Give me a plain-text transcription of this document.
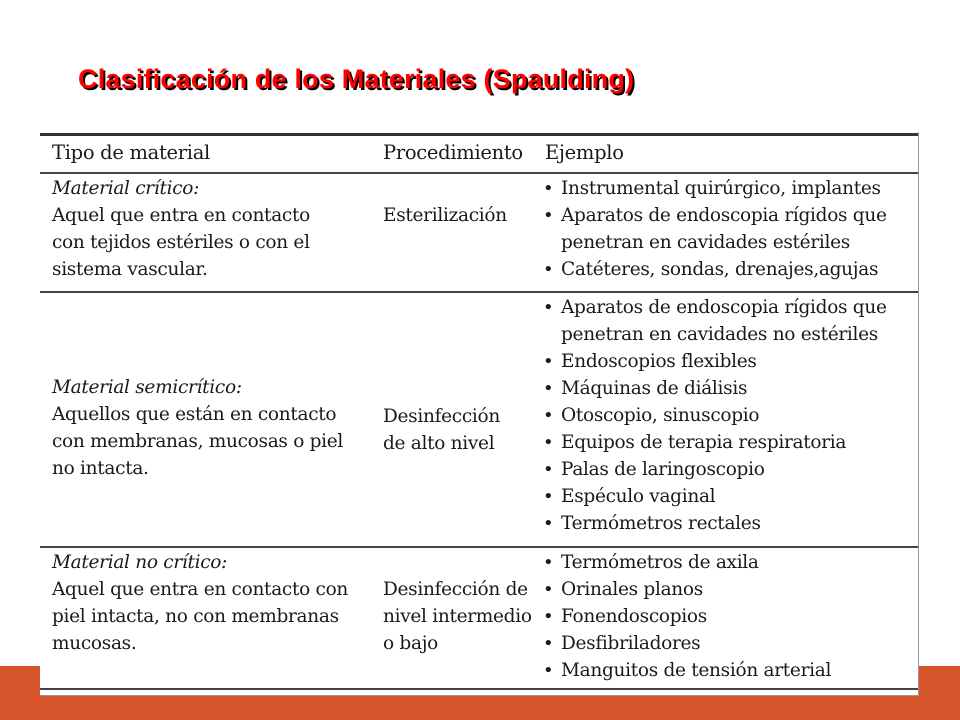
Clasificación de los Materiales (Spaulding)
Tipo de material	Procedimiento Ejemplo
Material crítico:
Aquel que entra en contacto
con tejidos estériles o con el
sistema vascular.
Esterilización
• Instrumental quirúrgico, implantes
• Aparatos de endoscopia rígidos que
penetran en cavidades estériles
• Catéteres, sondas, drenajes,agujas
Material semicrítico:
Aquellos que están en contacto
con membranas, mucosas o piel
no intacta.
Desinfección
de alto nivel
• Aparatos de endoscopia rígidos que
penetran en cavidades no estériles
• Endoscopios flexibles
• Máquinas de diálisis
• Otoscopio, sinuscopio
• Equipos de terapia respiratoria
• Palas de laringoscopio
• Espéculo vaginal
• Termómetros rectales
Material no crítico:
Aquel que entra en contacto con
piel intacta, no con membranas
mucosas.
Desinfección de
nivel intermedio
o bajo
• Termómetros de axila
• Orinales planos
• Fonendoscopios
• Desfibriladores
• Manguitos de tensión arterial
